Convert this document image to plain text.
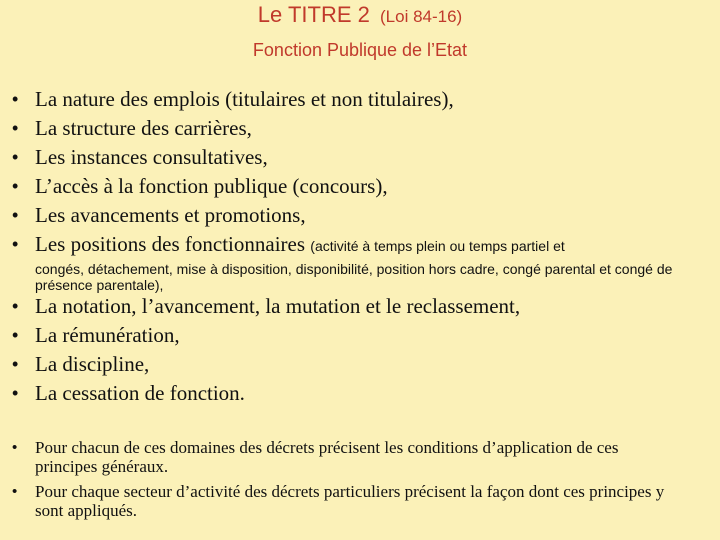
Le TITRE 2 (Loi 84-16)
Fonction Publique de l’Etat
• La nature des emplois (titulaires et non titulaires),
• La structure des carrières,
• Les instances consultatives,
• L’accès à la fonction publique (concours),
• Les avancements et promotions,
• Les positions des fonctionnaires (activité à temps plein ou temps partiel et
congés, détachement, mise à disposition, disponibilité, position hors cadre, congé parental et congé de présence parentale),
• La notation, l’avancement, la mutation et le reclassement,
• La rémunération,
• La discipline,
• La cessation de fonction.
• Pour chacun de ces domaines des décrets précisent les conditions d’application de ces principes généraux.
• Pour chaque secteur d’activité des décrets particuliers précisent la façon dont ces principes y sont appliqués.
